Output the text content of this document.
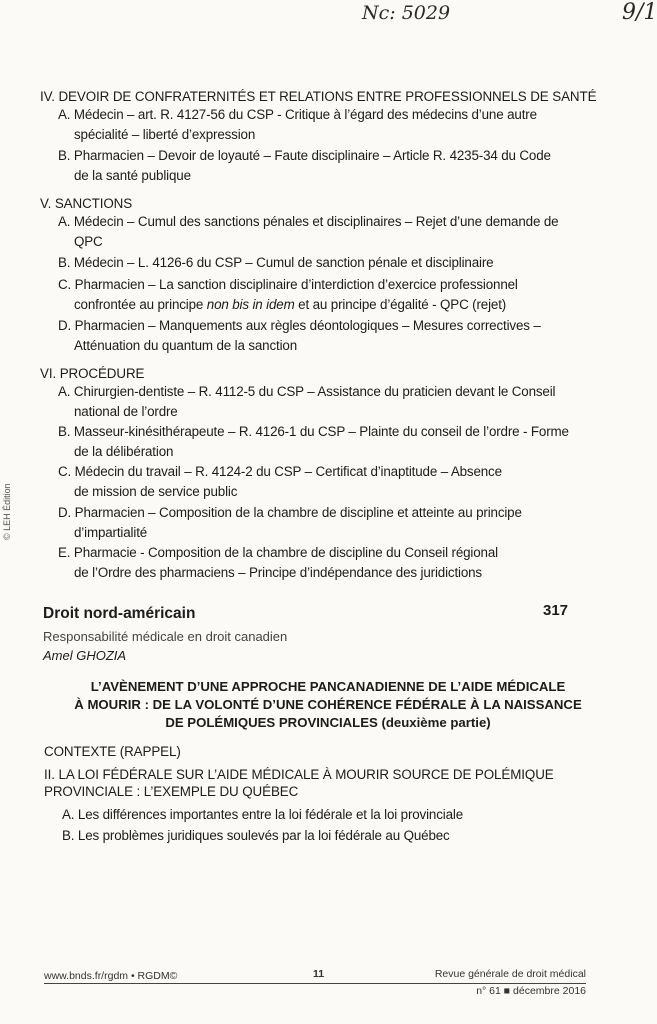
Nc: 5029	9/1
IV. DEVOIR DE CONFRATERNITÉS ET RELATIONS ENTRE PROFESSIONNELS DE SANTÉ
A. Médecin – art. R. 4127-56 du CSP - Critique à l’égard des médecins d’une autre
spécialité – liberté d’expression
B. Pharmacien – Devoir de loyauté – Faute disciplinaire – Article R. 4235-34 du Code
de la santé publique
V. SANCTIONS
A. Médecin – Cumul des sanctions pénales et disciplinaires – Rejet d’une demande de
QPC
B. Médecin – L. 4126-6 du CSP – Cumul de sanction pénale et disciplinaire
C. Pharmacien – La sanction disciplinaire d’interdiction d’exercice professionnel
confrontée au principe non bis in idem et au principe d’égalité - QPC (rejet)
D. Pharmacien – Manquements aux règles déontologiques – Mesures correctives –
Atténuation du quantum de la sanction
VI. PROCÉDURE
A. Chirurgien-dentiste – R. 4112-5 du CSP – Assistance du praticien devant le Conseil
national de l’ordre
B. Masseur-kinésithérapeute – R. 4126-1 du CSP – Plainte du conseil de l’ordre - Forme
de la délibération
C. Médecin du travail – R. 4124-2 du CSP – Certificat d’inaptitude – Absence
de mission de service public
D. Pharmacien – Composition de la chambre de discipline et atteinte au principe
d’impartialité
E. Pharmacie - Composition de la chambre de discipline du Conseil régional
de l’Ordre des pharmaciens – Principe d’indépendance des juridictions
Droit nord-américain	317
Responsabilité médicale en droit canadien
Amel GHOZIA
L’AVÈNEMENT D’UNE APPROCHE PANCANADIENNE DE L’AIDE MÉDICALE
À MOURIR : DE LA VOLONTÉ D’UNE COHÉRENCE FÉDÉRALE À LA NAISSANCE
DE POLÉMIQUES PROVINCIALES (deuxième partie)
CONTEXTE (RAPPEL)
II. LA LOI FÉDÉRALE SUR L’AIDE MÉDICALE À MOURIR SOURCE DE POLÉMIQUE
PROVINCIALE : L’EXEMPLE DU QUÉBEC
A. Les différences importantes entre la loi fédérale et la loi provinciale
B. Les problèmes juridiques soulevés par la loi fédérale au Québec
© LEH Édition
www.bnds.fr/rgdm • RGDM©	11	Revue générale de droit médical
n° 61 ■ décembre 2016
